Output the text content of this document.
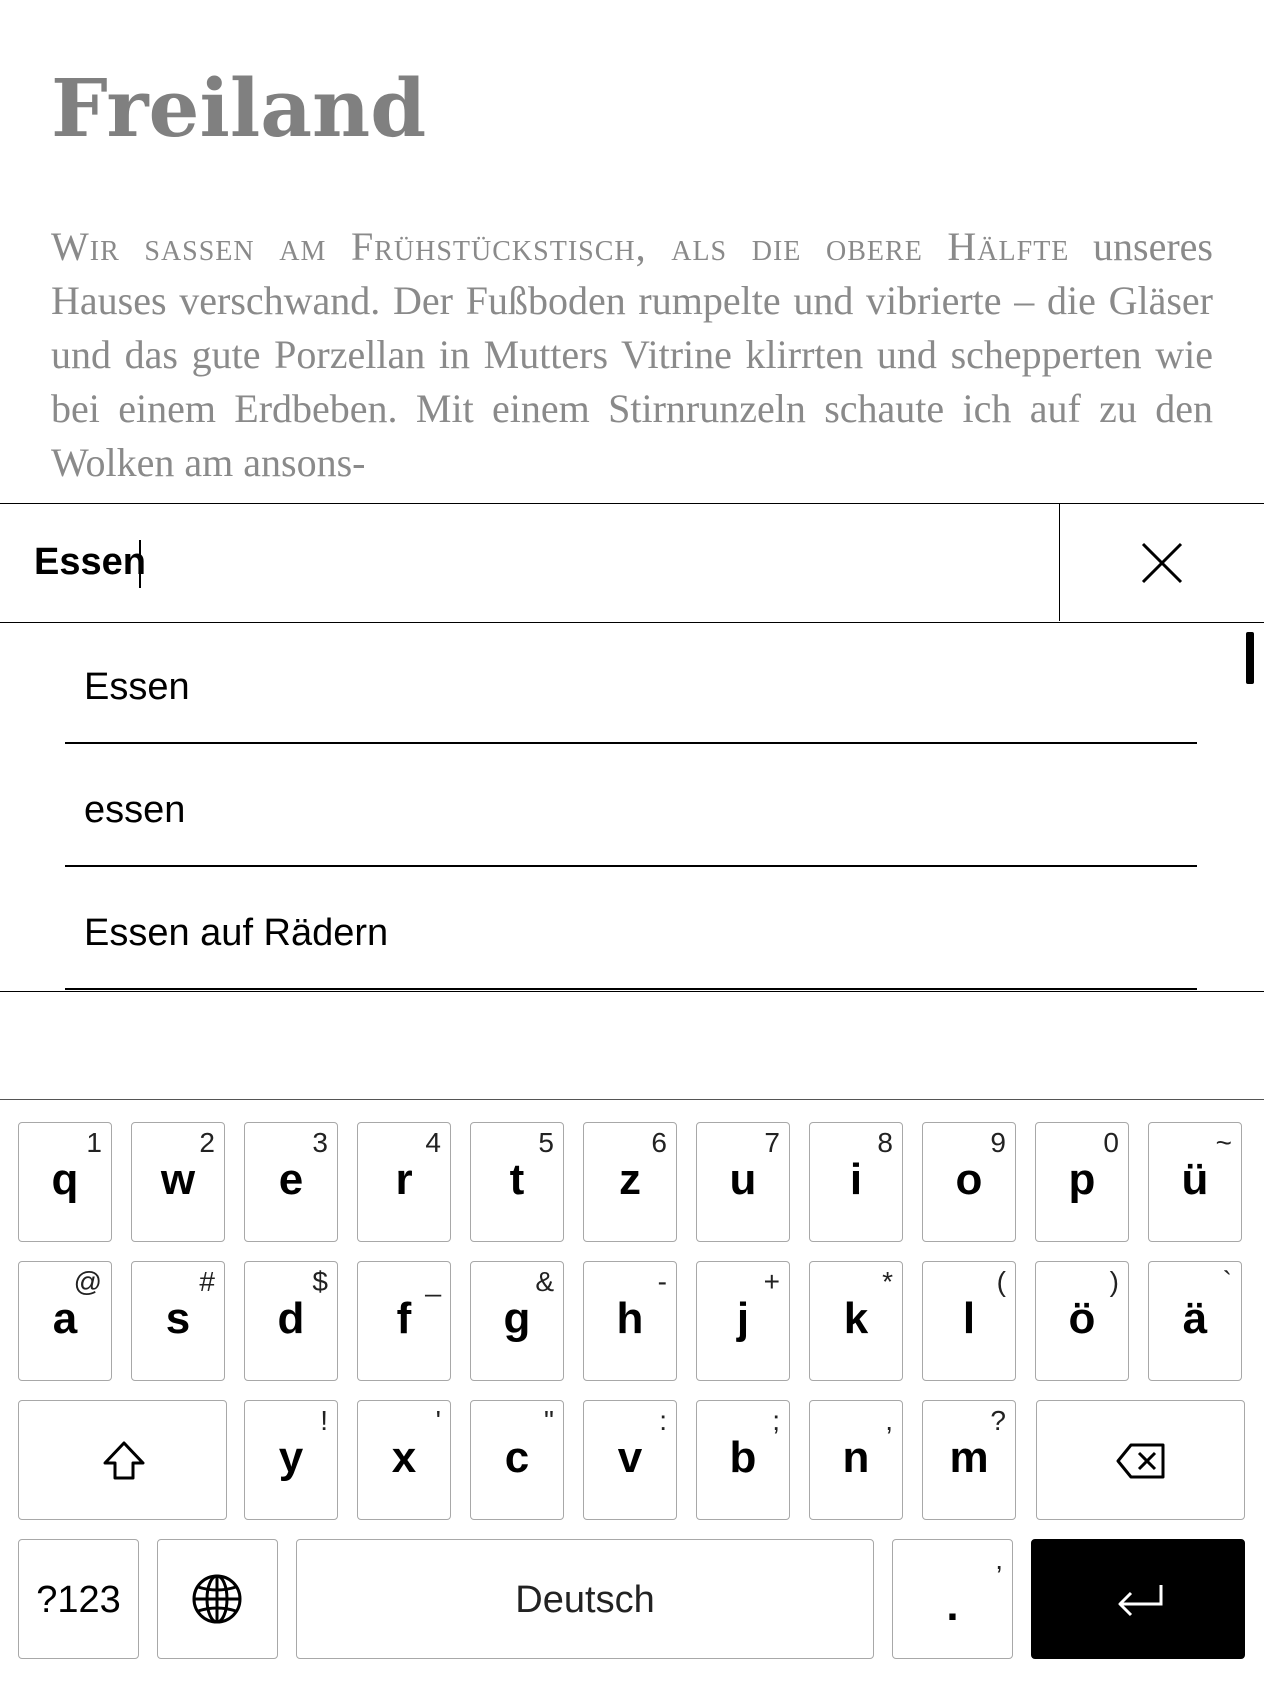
Freiland

Wir sassen am Frühstückstisch, als die obere Hälfte unseres Hauses verschwand. Der Fußboden rumpelte und vibrierte – die Gläser und das gute Porzellan in Mutters Vitrine klirrten und schepperten wie bei einem Erdbeben. Mit einem Stirnrunzeln schaute ich auf zu den Wolken am ansons-

Essen
Essen
essen
Essen auf Rädern
q
1
w
2
e
3
r
4
t
5
z
6
u
7
i
8
o
9
p
0
ü
~
a
@
s
#
d
$
f
_
g
&
h
-
j
+
k
*
l
(
ö
)
ä
`
y
!
x
'
c
"
v
:
b
;
n
,
m
?
?123	Deutsch	.
,
